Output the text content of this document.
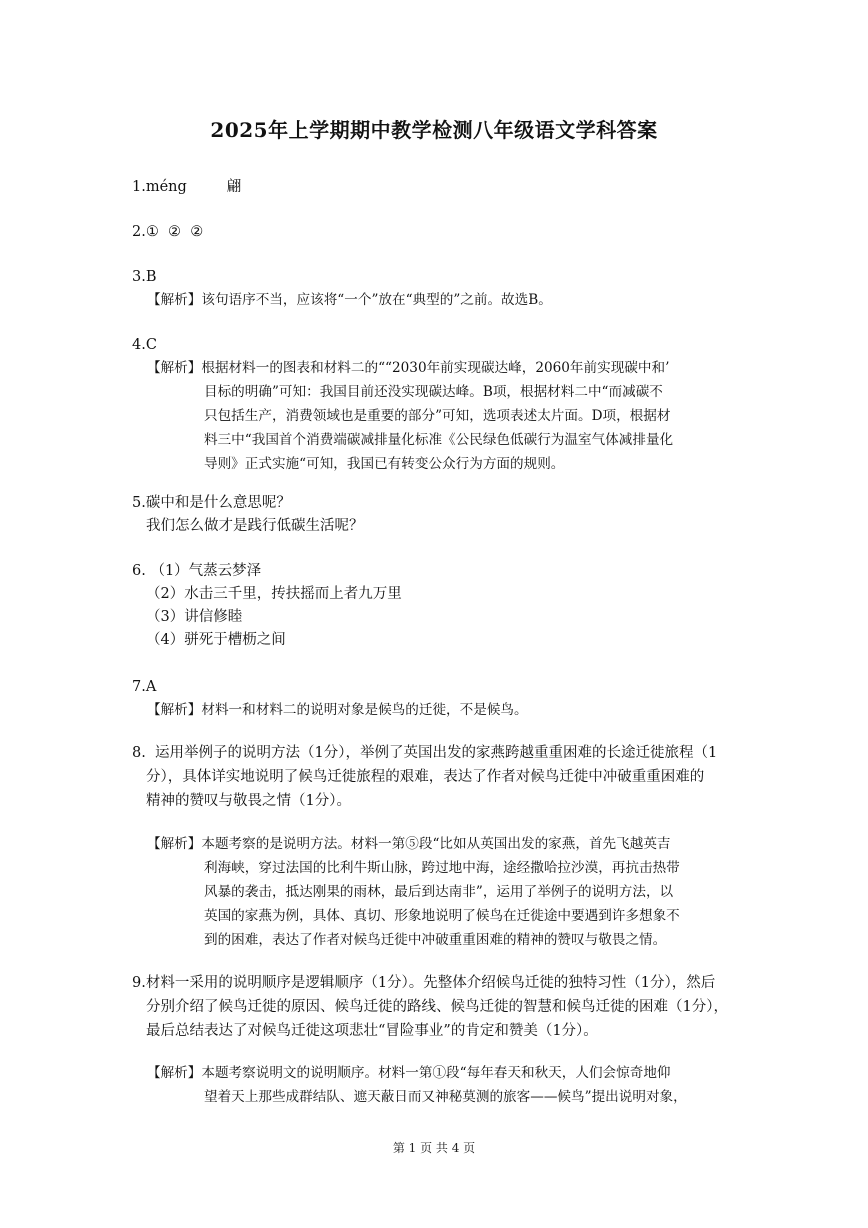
2025年上学期期中教学检测八年级语文学科答案
1.méng	翩
2.①  ②  ②
3.B
【解析】该句语序不当，应该将“一个”放在“典型的”之前。故选B。
4.C
【解析】根据材料一的图表和材料二的““2030年前实现碳达峰，2060年前实现碳中和’
目标的明确”可知：我国目前还没实现碳达峰。B项，根据材料二中“而减碳不
只包括生产，消费领域也是重要的部分”可知，选项表述太片面。D项，根据材
料三中“我国首个消费端碳减排量化标准《公民绿色低碳行为温室气体减排量化
导则》正式实施“可知，我国已有转变公众行为方面的规则。
5.碳中和是什么意思呢？
我们怎么做才是践行低碳生活呢？
6. （1）气蒸云梦泽
（2）水击三千里，抟扶摇而上者九万里
（3）讲信修睦
（4）骈死于槽枥之间
7.A
【解析】材料一和材料二的说明对象是候鸟的迁徙，不是候鸟。
8.  运用举例子的说明方法（1分），举例了英国出发的家燕跨越重重困难的长途迁徙旅程（1
分），具体详实地说明了候鸟迁徙旅程的艰难，表达了作者对候鸟迁徙中冲破重重困难的
精神的赞叹与敬畏之情（1分）。
【解析】本题考察的是说明方法。材料一第⑤段“比如从英国出发的家燕，首先飞越英吉
利海峡，穿过法国的比利牛斯山脉，跨过地中海，途经撒哈拉沙漠，再抗击热带
风暴的袭击，抵达刚果的雨林，最后到达南非”，运用了举例子的说明方法，以
英国的家燕为例，具体、真切、形象地说明了候鸟在迁徙途中要遇到许多想象不
到的困难，表达了作者对候鸟迁徙中冲破重重困难的精神的赞叹与敬畏之情。
9.材料一采用的说明顺序是逻辑顺序（1分）。先整体介绍候鸟迁徙的独特习性（1分），然后
分别介绍了候鸟迁徙的原因、候鸟迁徙的路线、候鸟迁徙的智慧和候鸟迁徙的困难（1分），
最后总结表达了对候鸟迁徙这项悲壮“冒险事业”的肯定和赞美（1分）。
【解析】本题考察说明文的说明顺序。材料一第①段“每年春天和秋天，人们会惊奇地仰
望着天上那些成群结队、遮天蔽日而又神秘莫测的旅客——候鸟”提出说明对象，
第 1 页 共 4 页
